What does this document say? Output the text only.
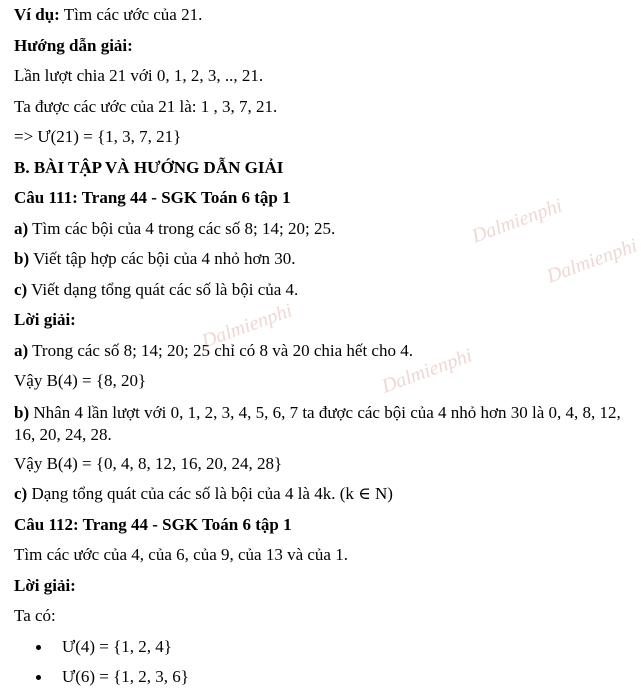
Ví dụ: Tìm các ước của 21.
Hướng dẫn giải:
Lần lượt chia 21 với 0, 1, 2, 3, .., 21.
Ta được các ước của 21 là: 1 , 3, 7, 21.
=> Ư(21) = {1, 3, 7, 21}
B. BÀI TẬP VÀ HƯỚNG DẪN GIẢI
Câu 111: Trang 44 - SGK Toán 6 tập 1
a) Tìm các bội của 4 trong các số 8; 14; 20; 25.
b) Viết tập hợp các bội của 4 nhỏ hơn 30.
c) Viết dạng tổng quát các số là bội của 4.
Lời giải:
a) Trong các số 8; 14; 20; 25 chỉ có 8 và 20 chia hết cho 4.
Vậy B(4) = {8, 20}
b) Nhân 4 lần lượt với 0, 1, 2, 3, 4, 5, 6, 7 ta được các bội của 4 nhỏ hơn 30 là 0, 4, 8, 12, 16, 20, 24, 28.
Vậy B(4) = {0, 4, 8, 12, 16, 20, 24, 28}
c) Dạng tổng quát của các số là bội của 4 là 4k. (k ∈ N)
Câu 112: Trang 44 - SGK Toán 6 tập 1
Tìm các ước của 4, của 6, của 9, của 13 và của 1.
Lời giải:
Ta có:
Ư(4) = {1, 2, 4}
Ư(6) = {1, 2, 3, 6}
Dalmienphi
Dalmienphi
Dalmienphi
Dalmienphi
